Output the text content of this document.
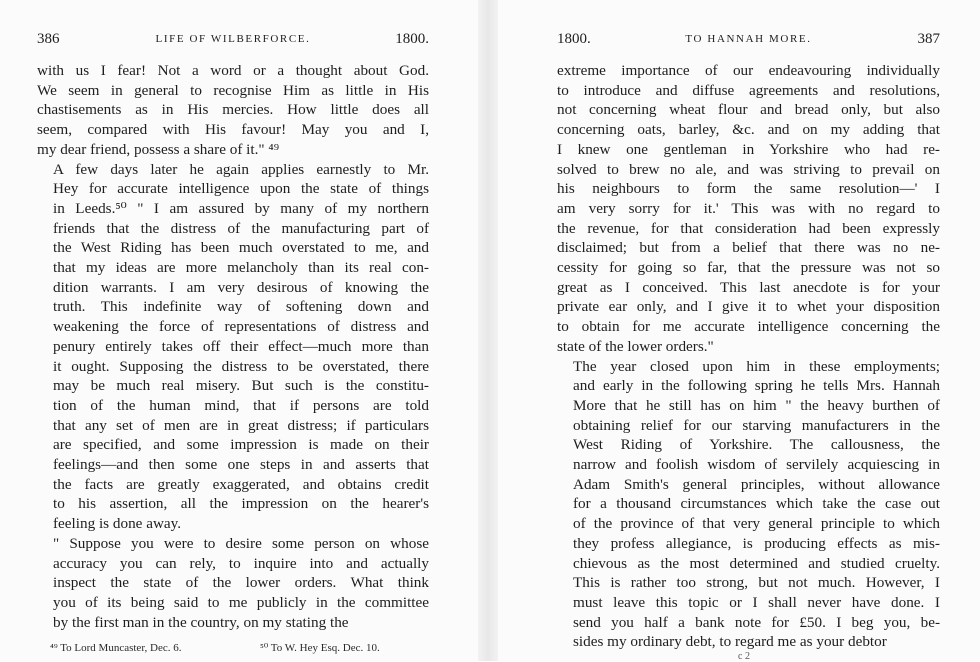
386	LIFE OF WILBERFORCE.	1800.

with us I fear! Not a word or a thought about God.
We seem in general to recognise Him as little in His
chastisements as in His mercies. How little does all
seem, compared with His favour! May you and I,
my dear friend, possess a share of it." ⁴⁹

A few days later he again applies earnestly to Mr.
Hey for accurate intelligence upon the state of things
in Leeds.⁵⁰ " I am assured by many of my northern
friends that the distress of the manufacturing part of
the West Riding has been much overstated to me, and
that my ideas are more melancholy than its real con-
dition warrants. I am very desirous of knowing the
truth. This indefinite way of softening down and
weakening the force of representations of distress and
penury entirely takes off their effect—much more than
it ought. Supposing the distress to be overstated, there
may be much real misery. But such is the constitu-
tion of the human mind, that if persons are told
that any set of men are in great distress; if particulars
are specified, and some impression is made on their
feelings—and then some one steps in and asserts that
the facts are greatly exaggerated, and obtains credit
to his assertion, all the impression on the hearer's
feeling is done away.

" Suppose you were to desire some person on whose
accuracy you can rely, to inquire into and actually
inspect the state of the lower orders. What think
you of its being said to me publicly in the committee
by the first man in the country, on my stating the

⁴⁹ To Lord Muncaster, Dec. 6.	⁵⁰ To W. Hey Esq. Dec. 10.
1800.	TO HANNAH MORE.	387

extreme importance of our endeavouring individually
to introduce and diffuse agreements and resolutions,
not concerning wheat flour and bread only, but also
concerning oats, barley, &c. and on my adding that
I knew one gentleman in Yorkshire who had re-
solved to brew no ale, and was striving to prevail on
his neighbours to form the same resolution—' I
am very sorry for it.' This was with no regard to
the revenue, for that consideration had been expressly
disclaimed; but from a belief that there was no ne-
cessity for going so far, that the pressure was not so
great as I conceived. This last anecdote is for your
private ear only, and I give it to whet your disposition
to obtain for me accurate intelligence concerning the
state of the lower orders."

The year closed upon him in these employments;
and early in the following spring he tells Mrs. Hannah
More that he still has on him " the heavy burthen of
obtaining relief for our starving manufacturers in the
West Riding of Yorkshire. The callousness, the
narrow and foolish wisdom of servilely acquiescing in
Adam Smith's general principles, without allowance
for a thousand circumstances which take the case out
of the province of that very general principle to which
they profess allegiance, is producing effects as mis-
chievous as the most determined and studied cruelty.
This is rather too strong, but not much. However, I
must leave this topic or I shall never have done. I
send you half a bank note for £50. I beg you, be-
sides my ordinary debt, to regard me as your debtor

c 2
